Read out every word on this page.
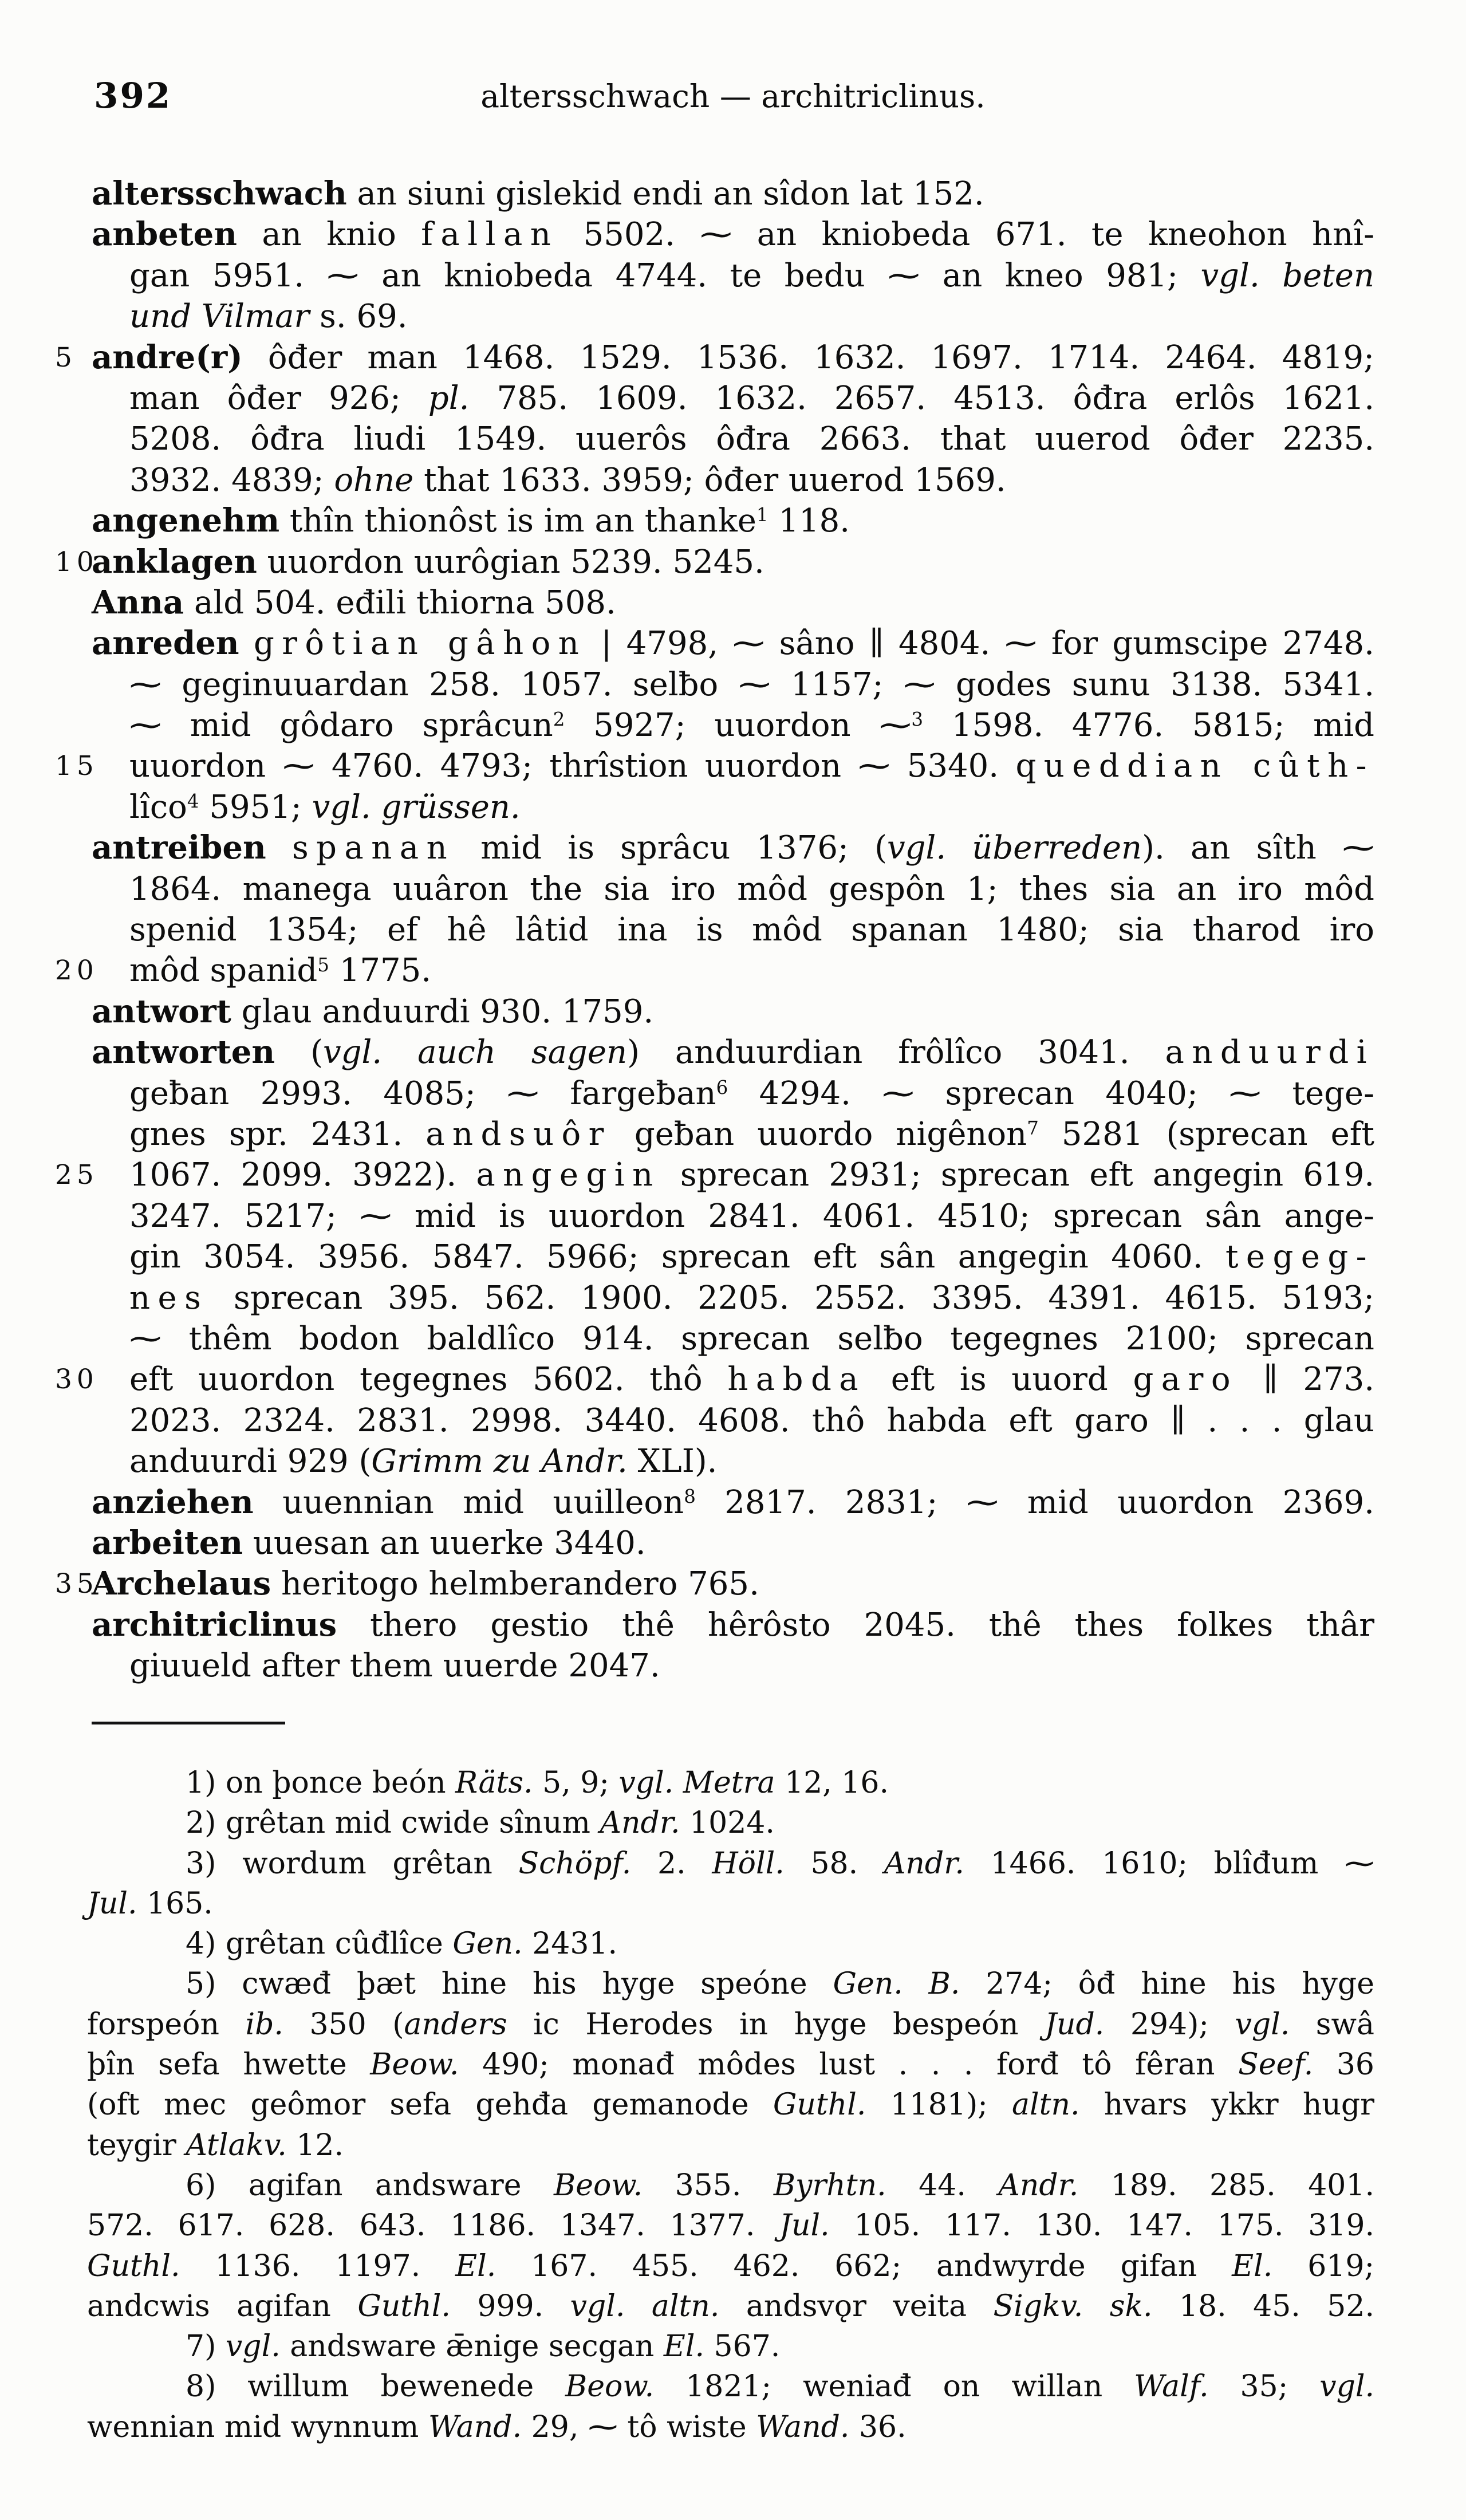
392	altersschwach — architriclinus.
altersschwach an siuni gislekid endi an sîdon lat 152.
anbeten an knio fallan 5502. ⁓ an kniobeda 671. te kneohon hnî-
gan 5951. ⁓ an kniobeda 4744. te bedu ⁓ an kneo 981; vgl. beten
und Vilmar s. 69.
5 andre(r) ôđer man 1468. 1529. 1536. 1632. 1697. 1714. 2464. 4819;
man ôđer 926; pl. 785. 1609. 1632. 2657. 4513. ôđra erlôs 1621.
5208. ôđra liudi 1549. uuerôs ôđra 2663. that uuerod ôđer 2235.
3932. 4839; ohne that 1633. 3959; ôđer uuerod 1569.
angenehm thîn thionôst is im an thanke$^1$ 118.
10
anklagen uuordon uurôgian 5239. 5245.
Anna ald 504. eđili thiorna 508.
anreden grôtian gâhon | 4798, ⁓ sâno ∥ 4804. ⁓ for gumscipe 2748.
⁓ geginuuardan 258. 1057. selƀo ⁓ 1157; ⁓ godes sunu 3138. 5341.
⁓ mid gôdaro sprâcun$^2$ 5927; uuordon ⁓$^3$ 1598. 4776. 5815; mid
15 uuordon ⁓ 4760. 4793; thrîstion uuordon ⁓ 5340. queddian cûth-
lîco$^4$ 5951; vgl. grüssen.
antreiben spanan mid is sprâcu 1376; (vgl. überreden). an sîth ⁓
1864. manega uuâron the sia iro môd gespôn 1; thes sia an iro môd
spenid 1354; ef hê lâtid ina is môd spanan 1480; sia tharod iro
20 môd spanid$^5$ 1775.
antwort glau anduurdi 930. 1759.
antworten (vgl. auch sagen) anduurdian frôlîco 3041. anduurdi
geƀan 2993. 4085; ⁓ fargeƀan$^6$ 4294. ⁓ sprecan 4040; ⁓ tege-
gnes spr. 2431. andsuôr geƀan uuordo nigênon$^7$ 5281 (sprecan eft
25 1067. 2099. 3922). angegin sprecan 2931; sprecan eft angegin 619.
3247. 5217; ⁓ mid is uuordon 2841. 4061. 4510; sprecan sân ange-
gin 3054. 3956. 5847. 5966; sprecan eft sân angegin 4060. tegeg-
nes sprecan 395. 562. 1900. 2205. 2552. 3395. 4391. 4615. 5193;
⁓ thêm bodon baldlîco 914. sprecan selƀo tegegnes 2100; sprecan
30 eft uuordon tegegnes 5602. thô habda eft is uuord garo ∥ 273.
2023. 2324. 2831. 2998. 3440. 4608. thô habda eft garo ∥ . . . glau
anduurdi 929 (Grimm zu Andr. XLI).
anziehen uuennian mid uuilleon$^8$ 2817. 2831; ⁓ mid uuordon 2369.
arbeiten uuesan an uuerke 3440.
35
Archelaus heritogo helmberandero 765.
architriclinus thero gestio thê hêrôsto 2045. thê thes folkes thâr
giuueld after them uuerde 2047.
1) on þonce beón Räts. 5, 9; vgl. Metra 12, 16.
2) grêtan mid cwide sînum Andr. 1024.
3) wordum grêtan Schöpf. 2. Höll. 58. Andr. 1466. 1610; blîđum ⁓
Jul. 165.
4) grêtan cûđlîce Gen. 2431.
5) cwæđ þæt hine his hyge speóne Gen. B. 274; ôđ hine his hyge
forspeón ib. 350 (anders ic Herodes in hyge bespeón Jud. 294); vgl. swâ
þîn sefa hwette Beow. 490; monađ môdes lust . . . forđ tô fêran Seef. 36
(oft mec geômor sefa gehđa gemanode Guthl. 1181); altn. hvars ykkr hugr
teygir Atlakv. 12.
6) agifan andsware Beow. 355. Byrhtn. 44. Andr. 189. 285. 401.
572. 617. 628. 643. 1186. 1347. 1377. Jul. 105. 117. 130. 147. 175. 319.
Guthl. 1136. 1197. El. 167. 455. 462. 662; andwyrde gifan El. 619;
andcwis agifan Guthl. 999. vgl. altn. andsvǫr veita Sigkv. sk. 18. 45. 52.
7) vgl. andsware ǣnige secgan El. 567.
8) willum bewenede Beow. 1821; weniađ on willan Walf. 35; vgl.
wennian mid wynnum Wand. 29, ⁓ tô wiste Wand. 36.
